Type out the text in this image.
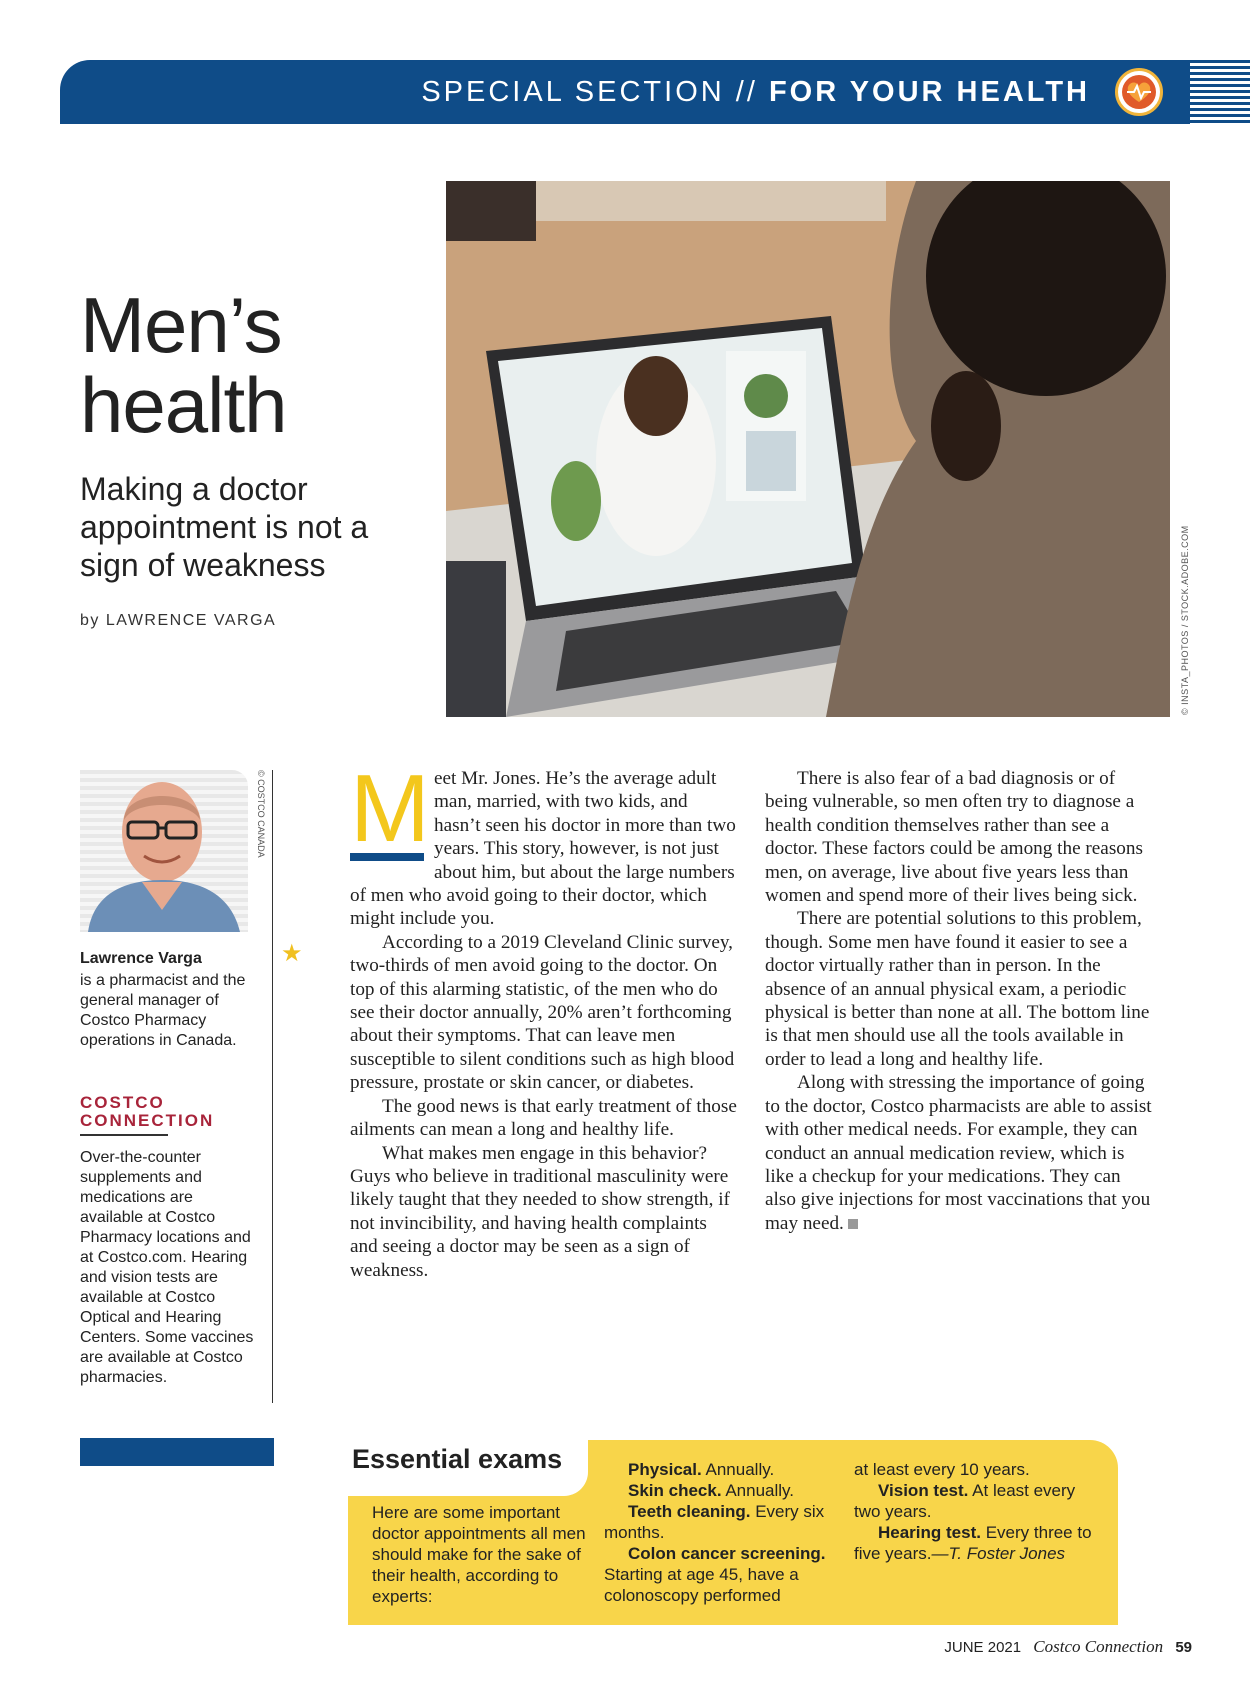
SPECIAL SECTION // FOR YOUR HEALTH
Men’s
health
Making a doctor appointment is not a sign of weakness
by LAWRENCE VARGA	© INSTA_PHOTOS / STOCK.ADOBE.COM
© COSTCO CANADA
★
Lawrence Varga
is a pharmacist and the general manager of Costco Pharmacy operations in Canada.
COSTCO CONNECTION
Over-the-counter supplements and medications are available at Costco Pharmacy locations and at Costco.com. Hearing and vision tests are available at Costco Optical and Hearing Centers. Some vaccines are available at Costco pharmacies.

M eet Mr. Jones. He’s the average adult man, married, with two kids, and hasn’t seen his doctor in more than two years. This story, however, is not just about him, but about the large numbers of men who avoid going to their doctor, which might include you.

According to a 2019 Cleveland Clinic survey, two-thirds of men avoid going to the doctor. On top of this alarming statistic, of the men who do see their doctor annually, 20% aren’t forthcoming about their symptoms. That can leave men susceptible to silent conditions such as high blood pressure, prostate or skin cancer, or diabetes.

The good news is that early treatment of those ailments can mean a long and healthy life.

What makes men engage in this behavior? Guys who believe in traditional masculinity were likely taught that they needed to show strength, if not invincibility, and having health complaints and seeing a doctor may be seen as a sign of weakness.

There is also fear of a bad diagnosis or of being vulnerable, so men often try to diagnose a health condition themselves rather than see a doctor. These factors could be among the reasons men, on average, live about five years less than women and spend more of their lives being sick.

There are potential solutions to this problem, though. Some men have found it easier to see a doctor virtually rather than in person. In the absence of an annual physical exam, a periodic physical is better than none at all. The bottom line is that men should use all the tools available in order to lead a long and healthy life.

Along with stressing the importance of going to the doctor, Costco pharmacists are able to assist with other medical needs. For example, they can conduct an annual medication review, which is like a checkup for your medications. They can also give injections for most vaccinations that you may need.

Essential exams
Here are some important doctor appointments all men should make for the sake of their health, according to experts:
Physical. Annually.
Skin check. Annually.
Teeth cleaning. Every six months.
Colon cancer screening. Starting at age 45, have a colonoscopy performed
at least every 10 years.
Vision test. At least every two years.
Hearing test. Every three to five years.—T. Foster Jones
JUNE 2021 Costco Connection 59
